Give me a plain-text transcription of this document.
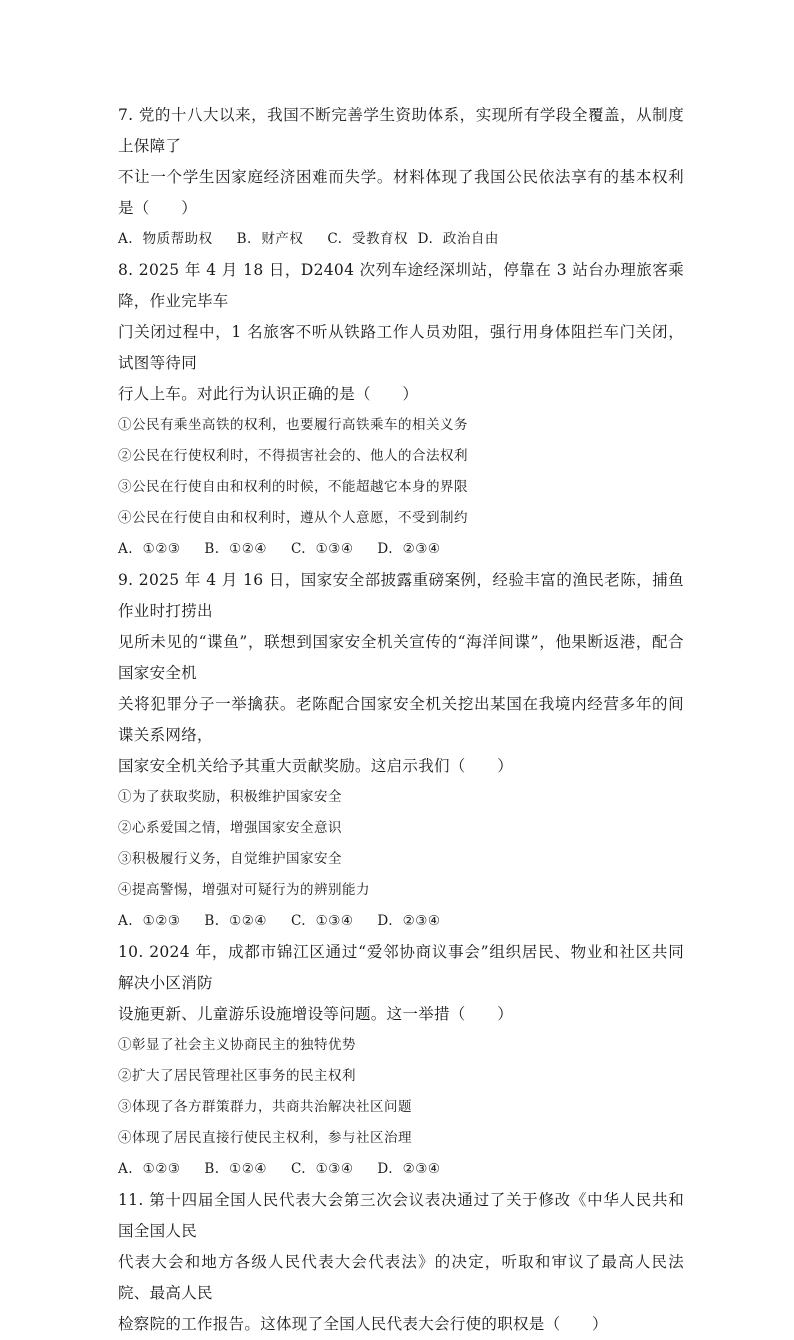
7. 党的十八大以来，我国不断完善学生资助体系，实现所有学段全覆盖，从制度上保障了

不让一个学生因家庭经济困难而失学。材料体现了我国公民依法享有的基本权利是（　　）

A.  物质帮助权     B.  财产权     C.  受教育权  D.  政治自由

8. 2025 年 4 月 18 日，D2404 次列车途经深圳站，停靠在 3 站台办理旅客乘降，作业完毕车

门关闭过程中，1 名旅客不听从铁路工作人员劝阻，强行用身体阻拦车门关闭，试图等待同

行人上车。对此行为认识正确的是（　　）

①公民有乘坐高铁的权利，也要履行高铁乘车的相关义务

②公民在行使权利时，不得损害社会的、他人的合法权利

③公民在行使自由和权利的时候，不能超越它本身的界限

④公民在行使自由和权利时，遵从个人意愿，不受到制约

A.  ①②③     B.  ①②④     C.  ①③④     D.  ②③④

9. 2025 年 4 月 16 日，国家安全部披露重磅案例，经验丰富的渔民老陈，捕鱼作业时打捞出

见所未见的“谍鱼”，联想到国家安全机关宣传的“海洋间谍”，他果断返港，配合国家安全机

关将犯罪分子一举擒获。老陈配合国家安全机关挖出某国在我境内经营多年的间谍关系网络，

国家安全机关给予其重大贡献奖励。这启示我们（　　）

①为了获取奖励，积极维护国家安全

②心系爱国之情，增强国家安全意识

③积极履行义务，自觉维护国家安全

④提高警惕，增强对可疑行为的辨别能力

A.  ①②③     B.  ①②④     C.  ①③④     D.  ②③④

10. 2024 年，成都市锦江区通过“爱邻协商议事会”组织居民、物业和社区共同解决小区消防

设施更新、儿童游乐设施增设等问题。这一举措（　　）

①彰显了社会主义协商民主的独特优势

②扩大了居民管理社区事务的民主权利

③体现了各方群策群力，共商共治解决社区问题

④体现了居民直接行使民主权利，参与社区治理

A.  ①②③     B.  ①②④     C.  ①③④     D.  ②③④

11. 第十四届全国人民代表大会第三次会议表决通过了关于修改《中华人民共和国全国人民

代表大会和地方各级人民代表大会代表法》的决定，听取和审议了最高人民法院、最高人民

检察院的工作报告。这体现了全国人民代表大会行使的职权是（　　）
